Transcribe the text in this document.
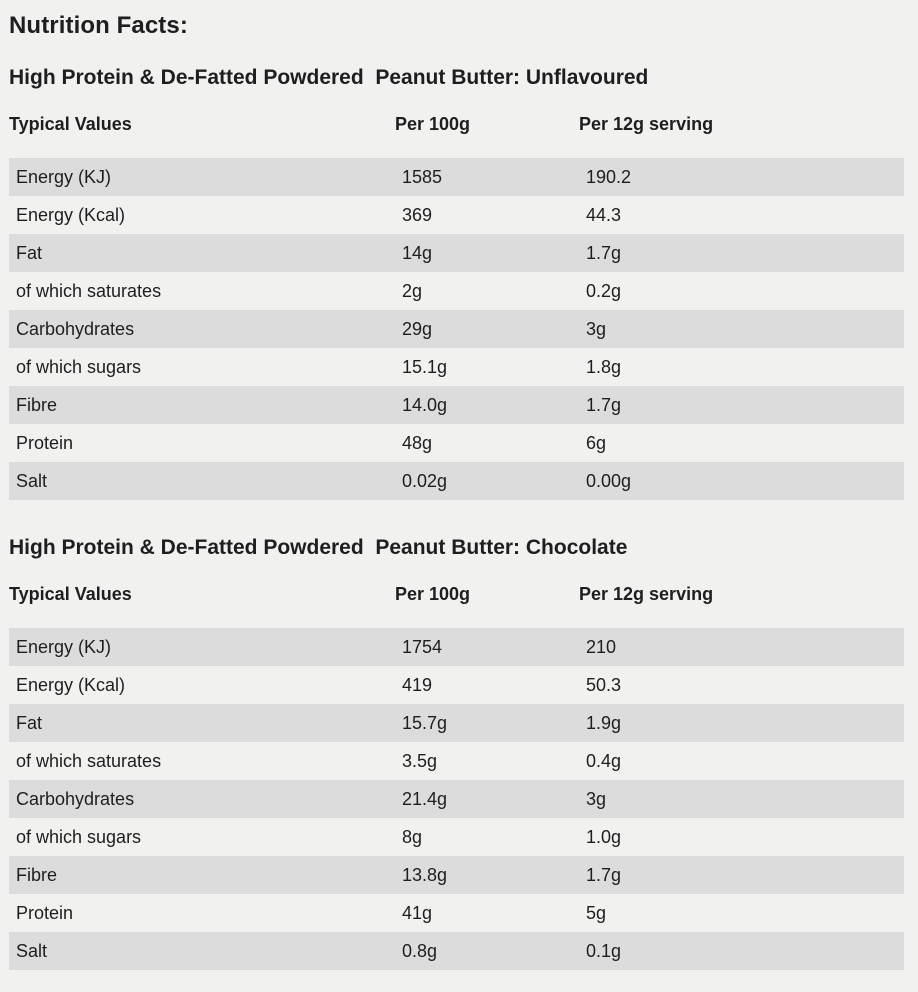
Nutrition Facts:
High Protein & De-Fatted Powdered  Peanut Butter: Unflavoured
Typical Values	Per 100g	Per 12g serving
Energy (KJ)	1585	190.2
Energy (Kcal)	369	44.3
Fat	14g	1.7g
of which saturates	2g	0.2g
Carbohydrates	29g	3g
of which sugars	15.1g	1.8g
Fibre	14.0g	1.7g
Protein	48g	6g
Salt	0.02g	0.00g
High Protein & De-Fatted Powdered  Peanut Butter: Chocolate
Typical Values	Per 100g	Per 12g serving
Energy (KJ)	1754	210
Energy (Kcal)	419	50.3
Fat	15.7g	1.9g
of which saturates	3.5g	0.4g
Carbohydrates	21.4g	3g
of which sugars	8g	1.0g
Fibre	13.8g	1.7g
Protein	41g	5g
Salt	0.8g	0.1g
